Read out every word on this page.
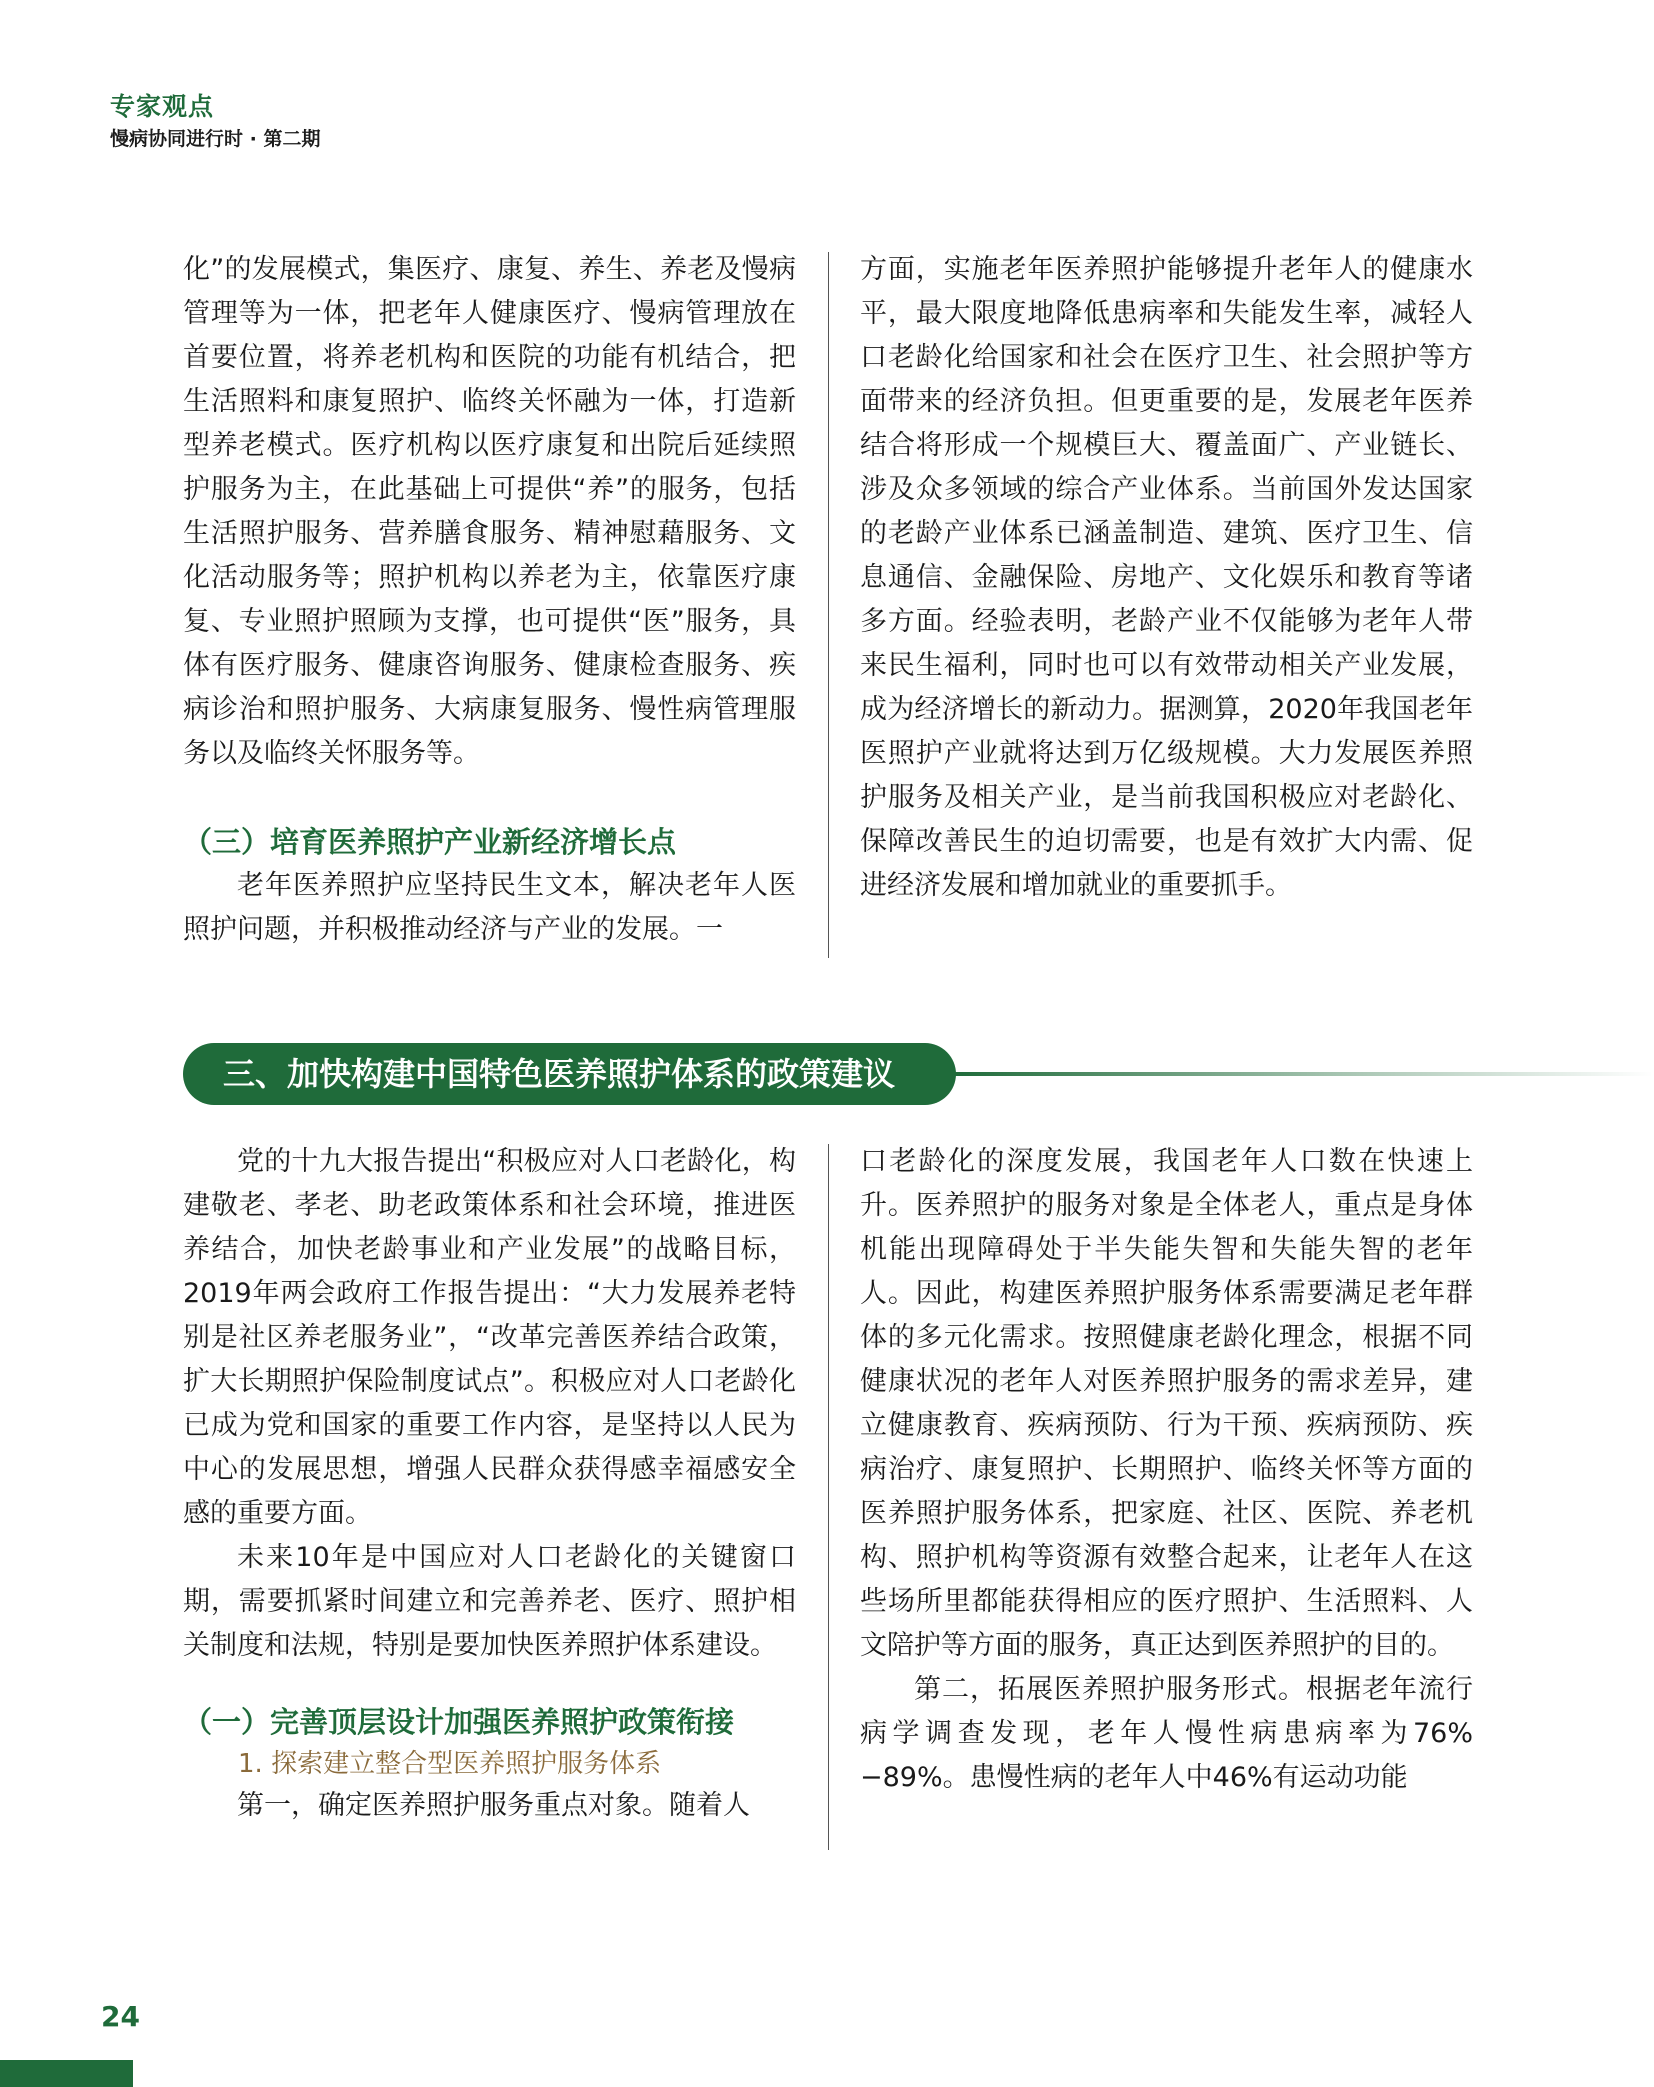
专家观点
慢病协同进行时 · 第二期

化”的发展模式，集医疗、康复、养生、养老及慢病管理等为一体，把老年人健康医疗、慢病管理放在首要位置，将养老机构和医院的功能有机结合，把生活照料和康复照护、临终关怀融为一体，打造新型养老模式。医疗机构以医疗康复和出院后延续照护服务为主，在此基础上可提供“养”的服务，包括生活照护服务、营养膳食服务、精神慰藉服务、文化活动服务等；照护机构以养老为主，依靠医疗康复、专业照护照顾为支撑，也可提供“医”服务，具体有医疗服务、健康咨询服务、健康检查服务、疾病诊治和照护服务、大病康复服务、慢性病管理服务以及临终关怀服务等。

（三）培育医养照护产业新经济增长点

老年医养照护应坚持民生文本，解决老年人医照护问题，并积极推动经济与产业的发展。一

方面，实施老年医养照护能够提升老年人的健康水平，最大限度地降低患病率和失能发生率，减轻人口老龄化给国家和社会在医疗卫生、社会照护等方面带来的经济负担。但更重要的是，发展老年医养结合将形成一个规模巨大、覆盖面广、产业链长、涉及众多领域的综合产业体系。当前国外发达国家的老龄产业体系已涵盖制造、建筑、医疗卫生、信息通信、金融保险、房地产、文化娱乐和教育等诸多方面。经验表明，老龄产业不仅能够为老年人带来民生福利，同时也可以有效带动相关产业发展，成为经济增长的新动力。据测算，2020年我国老年医照护产业就将达到万亿级规模。大力发展医养照护服务及相关产业，是当前我国积极应对老龄化、保障改善民生的迫切需要，也是有效扩大内需、促进经济发展和增加就业的重要抓手。

三、加快构建中国特色医养照护体系的政策建议

党的十九大报告提出“积极应对人口老龄化，构建敬老、孝老、助老政策体系和社会环境，推进医养结合，加快老龄事业和产业发展”的战略目标，2019年两会政府工作报告提出：“大力发展养老特别是社区养老服务业”，“改革完善医养结合政策，扩大长期照护保险制度试点”。积极应对人口老龄化已成为党和国家的重要工作内容，是坚持以人民为中心的发展思想，增强人民群众获得感幸福感安全感的重要方面。

未来10年是中国应对人口老龄化的关键窗口期，需要抓紧时间建立和完善养老、医疗、照护相关制度和法规，特别是要加快医养照护体系建设。

（一）完善顶层设计加强医养照护政策衔接

1. 探索建立整合型医养照护服务体系

第一，确定医养照护服务重点对象。随着人

口老龄化的深度发展，我国老年人口数在快速上升。医养照护的服务对象是全体老人，重点是身体机能出现障碍处于半失能失智和失能失智的老年人。因此，构建医养照护服务体系需要满足老年群体的多元化需求。按照健康老龄化理念，根据不同健康状况的老年人对医养照护服务的需求差异，建立健康教育、疾病预防、行为干预、疾病预防、疾病治疗、康复照护、长期照护、临终关怀等方面的医养照护服务体系，把家庭、社区、医院、养老机构、照护机构等资源有效整合起来，让老年人在这些场所里都能获得相应的医疗照护、生活照料、人文陪护等方面的服务，真正达到医养照护的目的。

第二，拓展医养照护服务形式。根据老年流行病学调查发现，老年人慢性病患病率为76%−89%。患慢性病的老年人中46%有运动功能

24
